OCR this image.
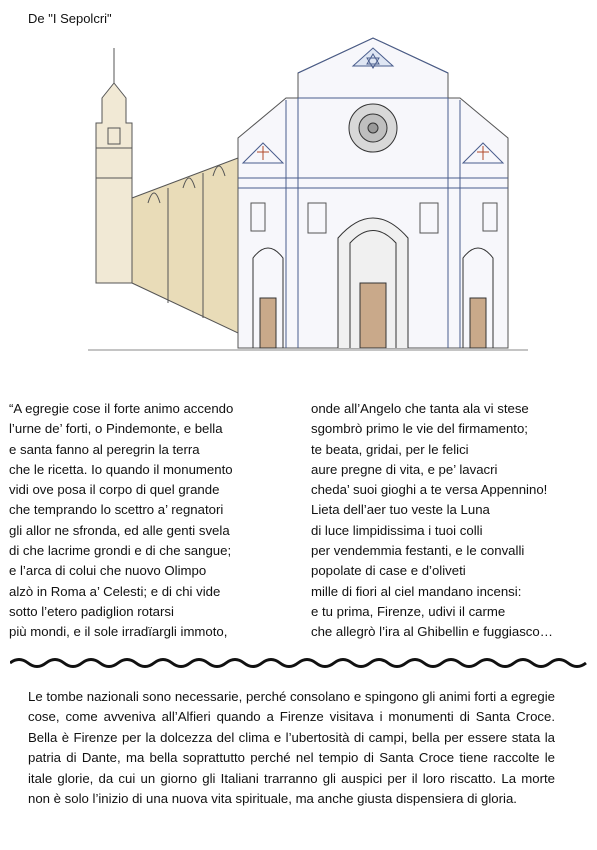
De "I Sepolcri"
“A egregie cose il forte animo accendo
l’urne de’ forti, o Pindemonte, e bella
e santa fanno al peregrin la terra
che le ricetta. Io quando il monumento
vidi ove posa il corpo di quel grande
che temprando lo scettro a’ regnatori
gli allor ne sfronda, ed alle genti svela
di che lacrime grondi e di che sangue;
e l’arca di colui che nuovo Olimpo
alzò in Roma a’ Celesti; e di chi vide
sotto l’etero padiglion rotarsi
più mondi, e il sole irradïargli immoto,
onde all’Angelo che tanta ala vi stese
sgombrò primo le vie del firmamento;
te beata, gridai, per le felici
aure pregne di vita, e pe’ lavacri
cheda’ suoi gioghi a te versa Appennino!
Lieta dell’aer tuo veste la Luna
di luce limpidissima i tuoi colli
per vendemmia festanti, e le convalli
popolate di case e d’oliveti
mille di fiori al ciel mandano incensi:
e tu prima, Firenze, udivi il carme
che allegrò l’ira al Ghibellin e fuggiasco…
Le tombe nazionali sono necessarie, perché consolano e spingono gli animi forti a egregie cose, come avveniva all’Alfieri quando a Firenze visitava i monumenti di Santa Croce. Bella è Firenze per la dolcezza del clima e l’ubertosità di campi, bella per essere stata la patria di Dante, ma bella soprattutto perché nel tempio di Santa Croce tiene raccolte le itale glorie, da cui un giorno gli Italiani trarranno gli auspici per il loro riscatto. La morte non è solo l’inizio di una nuova vita spirituale, ma anche giusta dispensiera di gloria.
